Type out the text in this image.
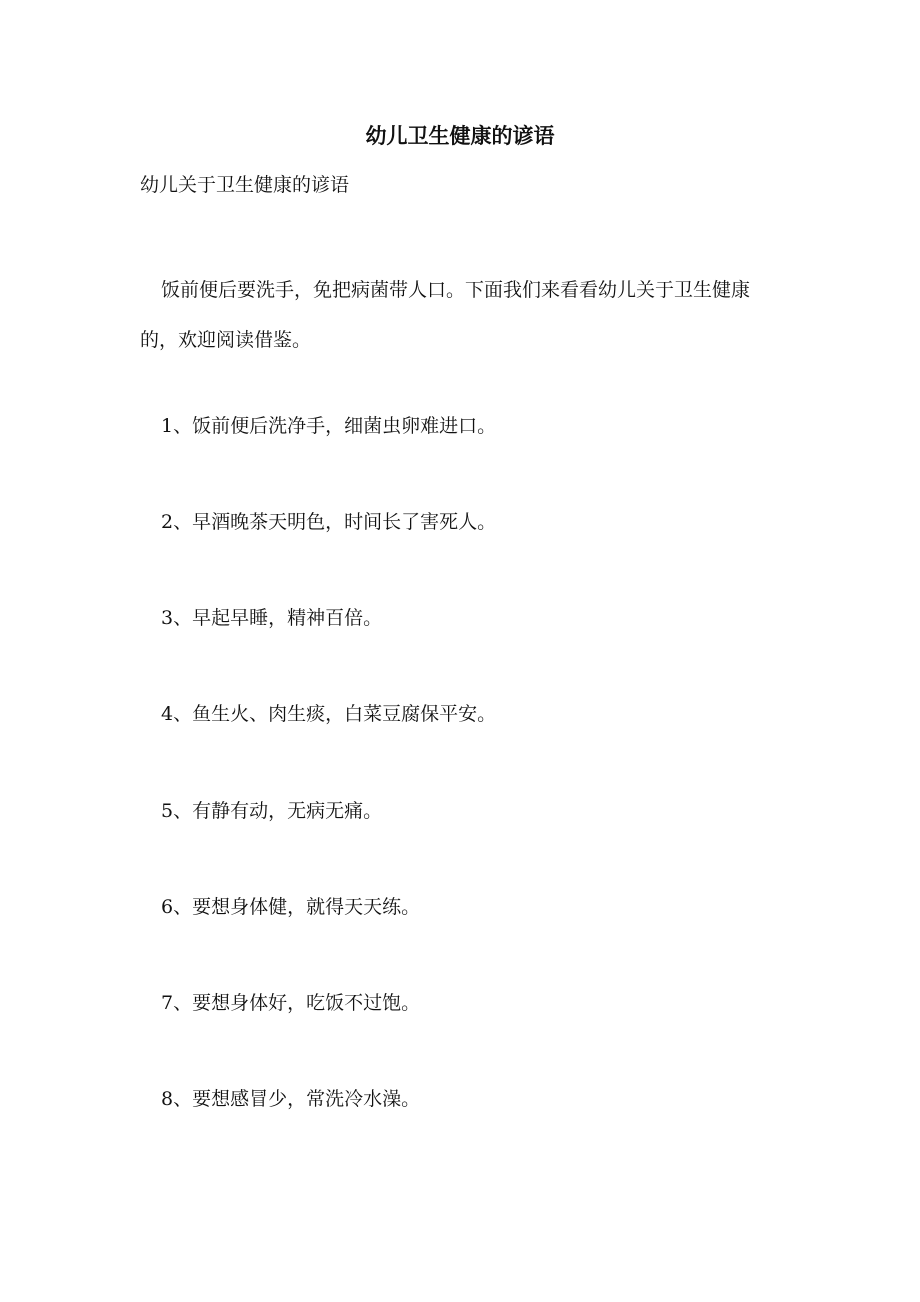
幼儿卫生健康的谚语

幼儿关于卫生健康的谚语

饭前便后要洗手，免把病菌带人口。下面我们来看看幼儿关于卫生健康的，欢迎阅读借鉴。

1、饭前便后洗净手，细菌虫卵难进口。

2、早酒晚茶天明色，时间长了害死人。

3、早起早睡，精神百倍。

4、鱼生火、肉生痰，白菜豆腐保平安。

5、有静有动，无病无痛。

6、要想身体健，就得天天练。

7、要想身体好，吃饭不过饱。

8、要想感冒少，常洗冷水澡。
